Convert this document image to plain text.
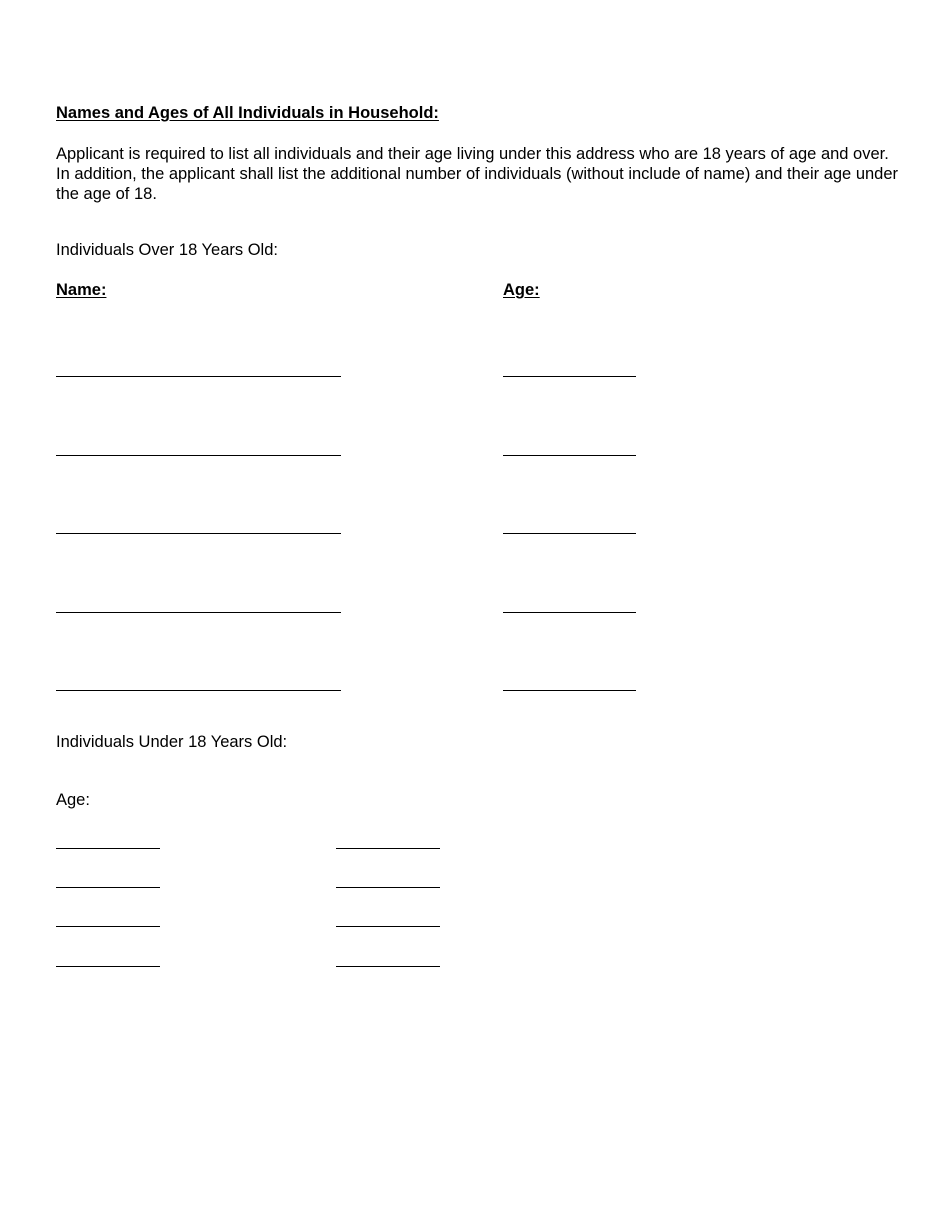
Names and Ages of All Individuals in Household:
Applicant is required to list all individuals and their age living under this address who are 18 years of age and over. In addition, the applicant shall list the additional number of individuals (without include of name) and their age under the age of 18.
Individuals Over 18 Years Old:
Name:	Age:
Individuals Under 18 Years Old:
Age:
